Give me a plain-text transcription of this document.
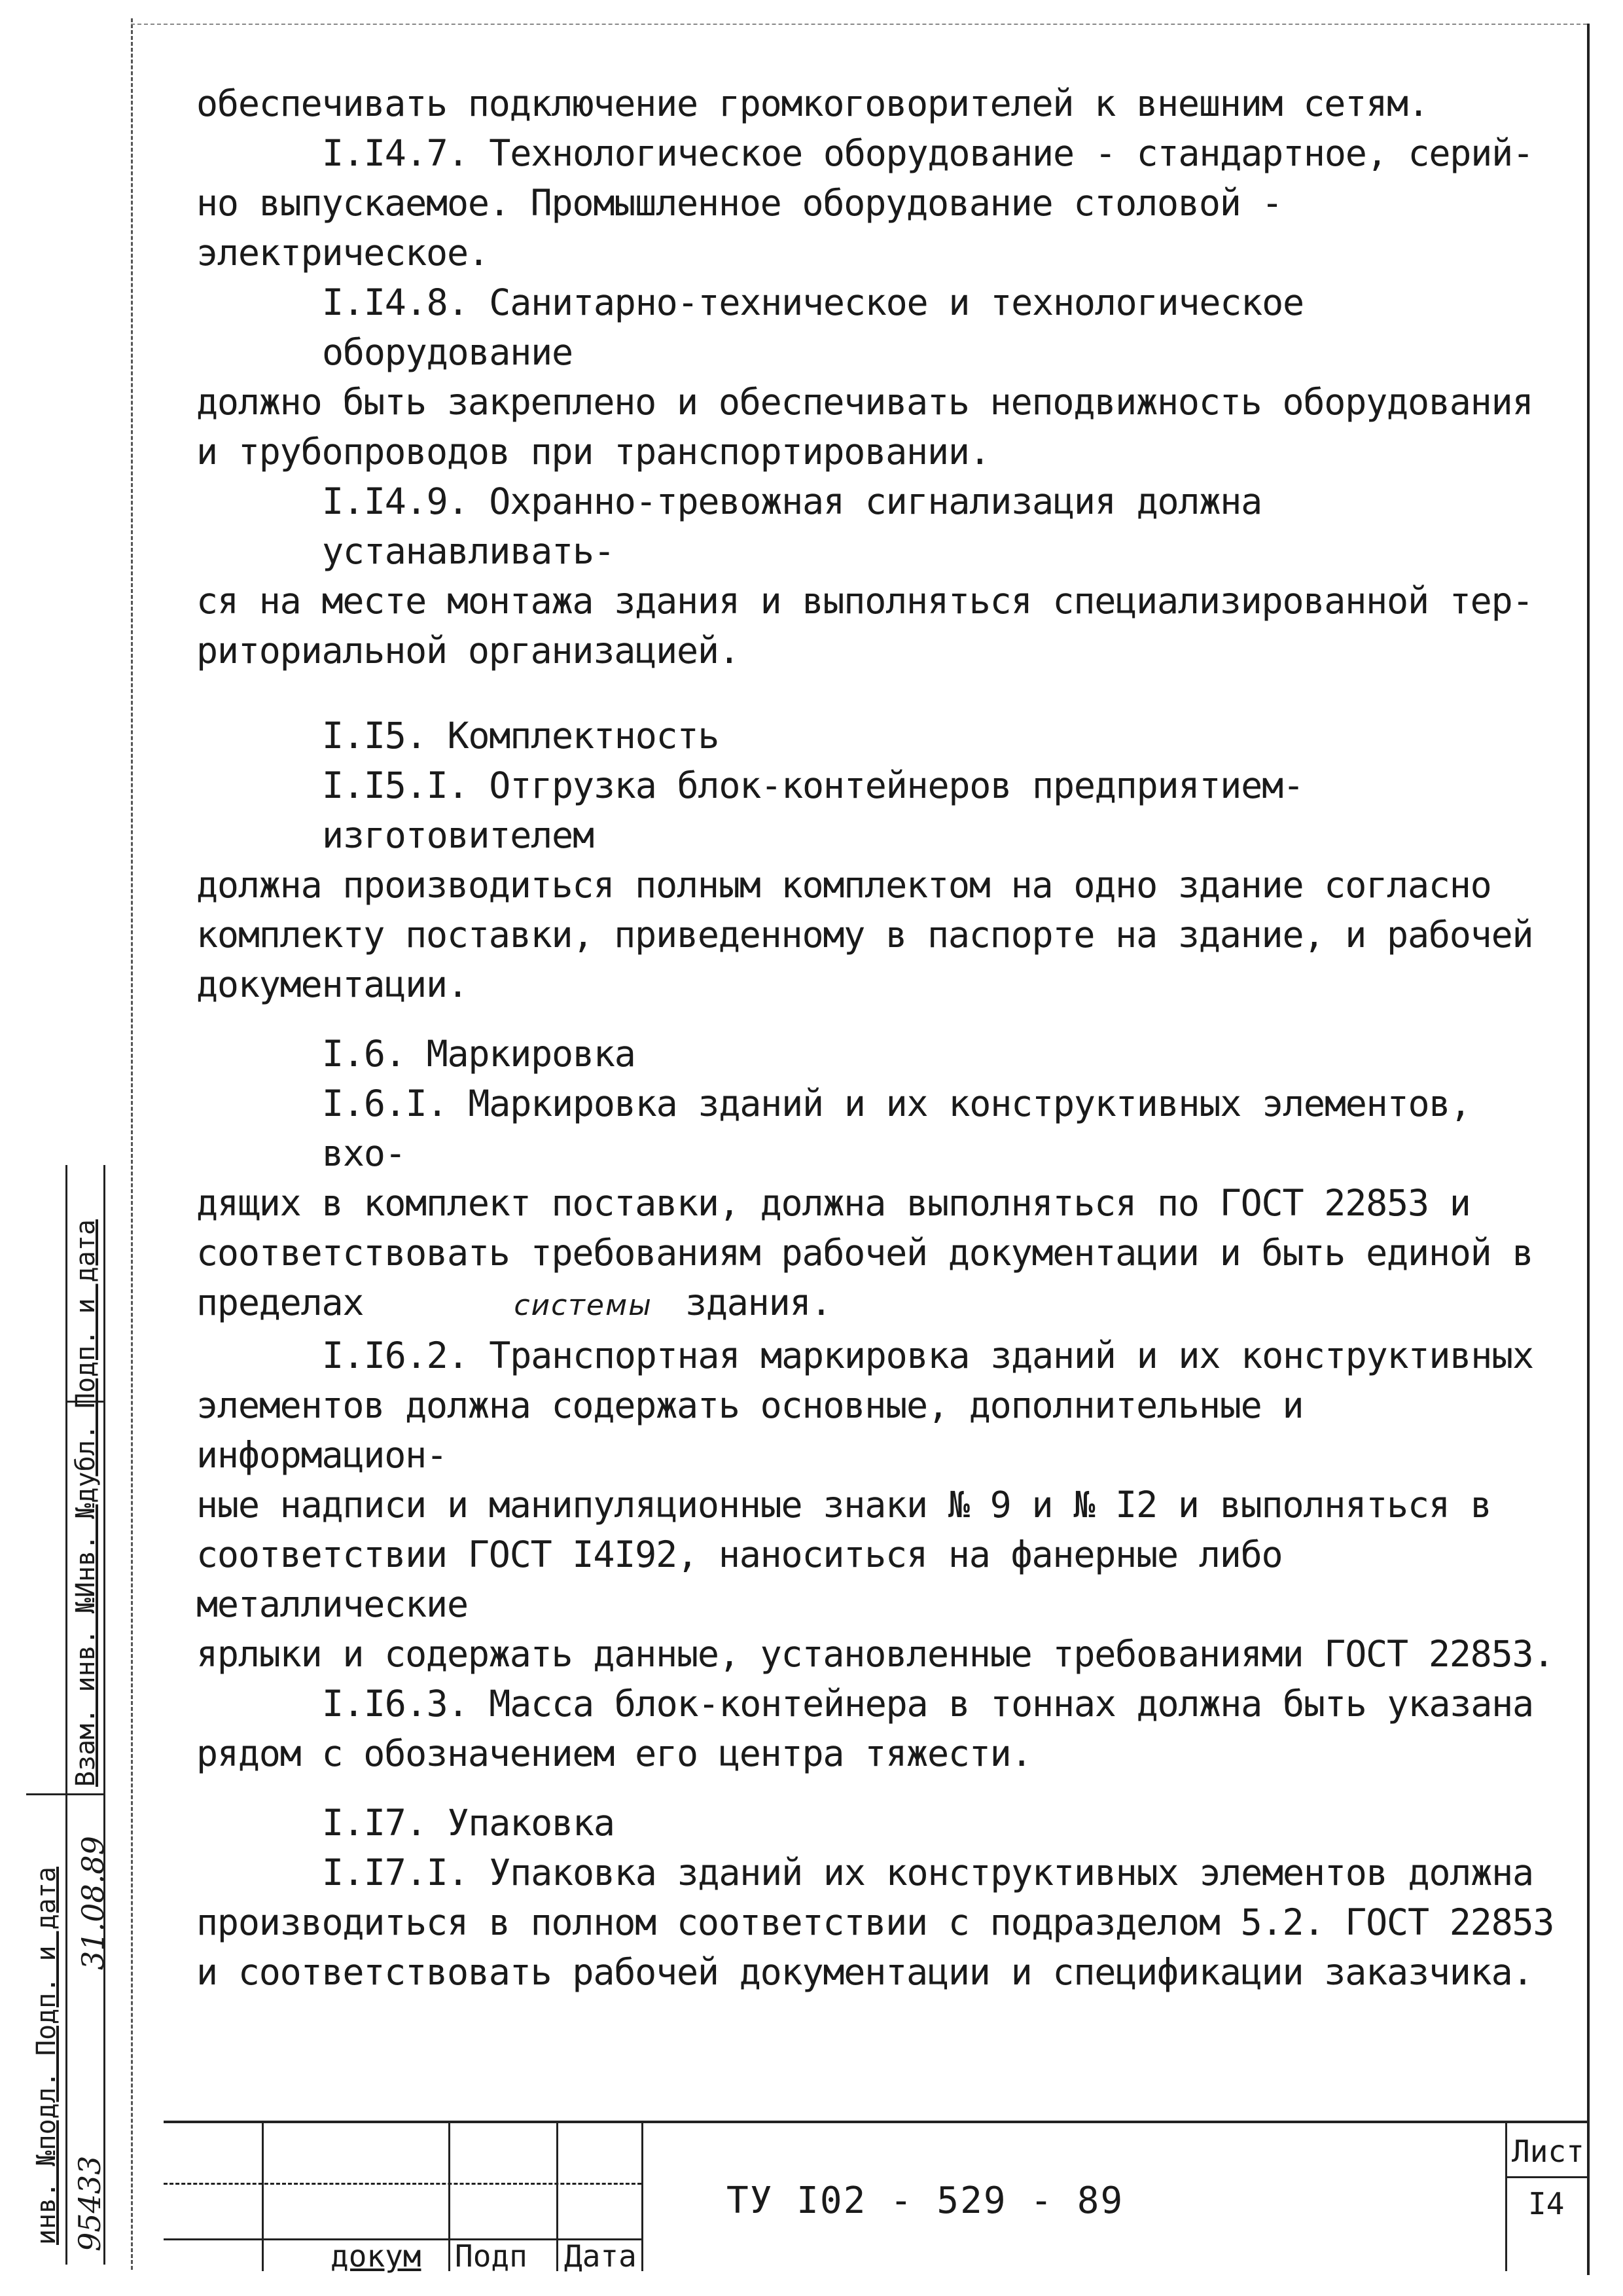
обеспечивать подключение громкоговорителей к внешним сетям.
I.I4.7. Технологическое оборудование - стандартное, серий-
но выпускаемое. Промышленное оборудование столовой - электрическое.
I.I4.8. Санитарно-техническое и технологическое оборудование
должно быть закреплено и обеспечивать неподвижность оборудования
и трубопроводов при транспортировании.
I.I4.9. Охранно-тревожная сигнализация должна устанавливать-
ся на месте монтажа здания и выполняться специализированной тер-
риториальной организацией.
I.I5. Комплектность
I.I5.I. Отгрузка блок-контейнеров предприятием-изготовителем
должна производиться полным комплектом на одно здание согласно
комплекту поставки, приведенному в паспорте на здание, и рабочей
документации.
I.6. Маркировка
I.6.I. Маркировка зданий и их конструктивных элементов, вхо-
дящих в комплект поставки, должна выполняться по ГОСТ 22853 и
соответствовать требованиям рабочей документации и быть единой в
пределах	системы здания.
I.I6.2. Транспортная маркировка зданий и их конструктивных
элементов должна содержать основные, дополнительные и информацион-
ные надписи и манипуляционные знаки № 9 и № I2 и выполняться в
соответствии ГОСТ I4I92, наноситься на фанерные либо металлические
ярлыки и содержать данные, установленные требованиями ГОСТ 22853.
I.I6.3. Масса блок-контейнера в тоннах должна быть указана
рядом с обозначением его центра тяжести.
I.I7. Упаковка
I.I7.I. Упаковка зданий их конструктивных элементов должна
производиться в полном соответствии с подразделом 5.2. ГОСТ 22853
и соответствовать рабочей документации и спецификации заказчика.
Взам. инв. №Инв. №дубл. Подп. и дата
инв. №подл. Подп. и дата 95433
31.08.89
докум Подп Дата
ТУ I02 - 529 - 89
Лист
I4
